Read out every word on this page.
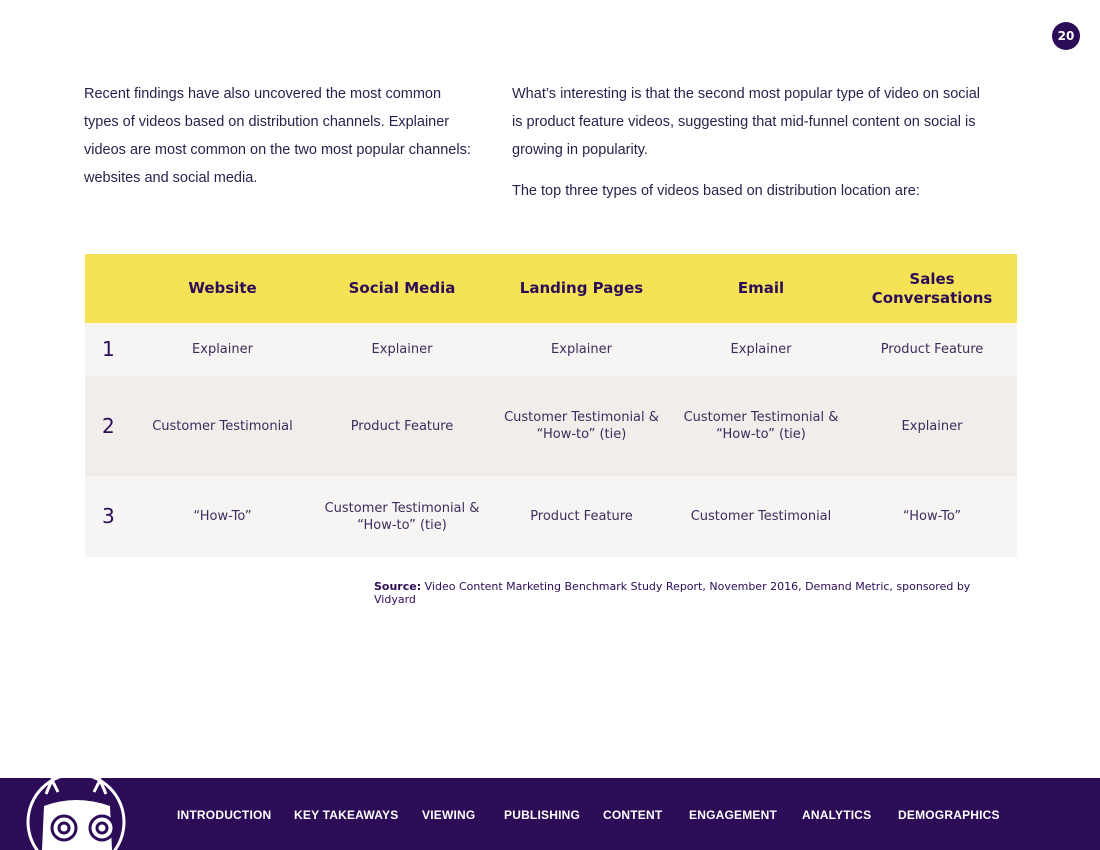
20

Recent findings have also uncovered the most common types of videos based on distribution channels. Explainer videos are most common on the two most popular channels: websites and social media.

What’s interesting is that the second most popular type of video on social is product feature videos, suggesting that mid-funnel content on social is growing in popularity.

The top three types of videos based on distribution location are:

	Website	Social Media	Landing Pages	Email	Sales Conversations
1	Explainer	Explainer	Explainer	Explainer	Product Feature
2	Customer Testimonial	Product Feature	Customer Testimonial & “How-to” (tie)	Customer Testimonial & “How-to” (tie)	Explainer
3	“How-To”	Customer Testimonial & “How-to” (tie)	Product Feature	Customer Testimonial	“How-To”
Source: Video Content Marketing Benchmark Study Report, November 2016, Demand Metric, sponsored by Vidyard
INTRODUCTION KEY TAKEAWAYS VIEWING PUBLISHING CONTENT ENGAGEMENT ANALYTICS DEMOGRAPHICS
